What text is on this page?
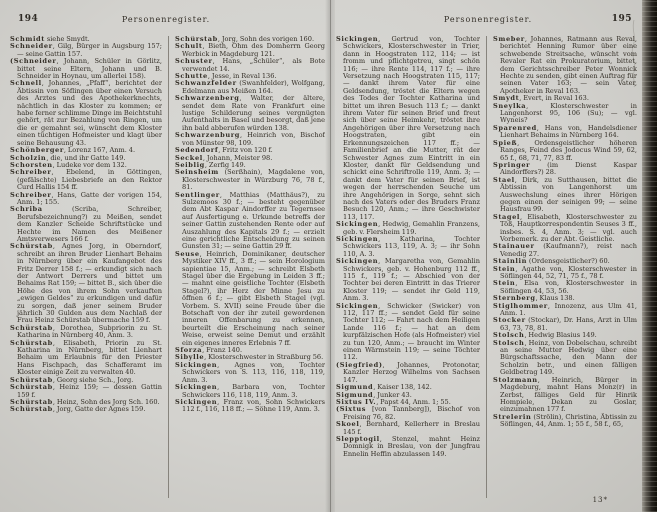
194	Personenregister.
Schmidt siehe Smydt.
Schneider, Gilg, Bürger in Augsburg 157; — seine Gattin 157.
(Schneider, Johann, Schüler in Görlitz, bittet seine Eltern, Johann und B. Schneider in Hoynau, um allerlei 158).
Schnell, Johannes, „Pfaff“, berichtet der Äbtissin von Söflingen über einen Versuch des Arztes und des Apothekerknechts, nächtlich in das Kloster zu kommen; er habe ferner schlimme Dinge im Beichtstuhl gehört, rät zur Bezahlung von Ringen, um die er gemahnt sei, wünscht dem Kloster einen tüchtigen Hofmeister und klagt über seine Behausung 43.
Schönberger, Lorenz 167, Anm. 4.
Scholzin, die, und ihr Gatte 149.
Schorsten, Ludeke vor dem 132.
Schreiber, Ebelend, in Göttingen, (gefälschte) Liebesbriefe an den Rektor Curd Hallis 154 ff.
Schreiber, Hans, Gatte der vorigen 154, Anm. 1; 155.
Schriba (Scriba, Schreiber, Berufsbezeichnung?) zu Meißen, sendet dem Kanzler Scheide Schriftstücke und Hechte im Namen des Meißener Amtsverwesers 166 f.
Schürstab, Agnes Jorg, in Oberndorf, schreibt an ihren Bruder Lienhart Behaim in Nürnberg über ein Kaufangebot des Fritz Derrer 158 f.; — erkundigt sich nach der Antwort Derrers und bittet um Behaims Rat 159; — bittet B., sich über die Höhe des von ihrem Sohn verkauften „ewigen Geldes“ zu erkundigen und dafür zu sorgen, daß jener seinem Bruder jährlich 30 Gulden aus dem Nachlaß der Frau Heinz Schürstab übermache 159 f.
Schürstab, Dorothea, Subpriorin zu St. Katharina in Nürnberg 40, Anm. 3.
Schürstab, Elisabeth, Priorin zu St. Katharina in Nürnberg, bittet Lienhart Behaim um Erlaubnis für den Priester Hans Fischpach, das Schafferamt im Kloster einige Zeit zu verwalten 40.
Schürstab, Georg siehe Sch., Jorg.
Schürstab, Heinz 159; — dessen Gattin 159 f.
Schürstab, Heinz, Sohn des Jorg Sch. 160.
Schürstab, Jorg, Gatte der Agnes 159.
Schürstab, Jorg, Sohn des vorigen 160.
Schult, Bieth, Ohm des Domherrn Georg Werbick in Magdeburg 121.
Schuster, Hans, „Schüler“, als Bote verwendet 14.
Schutte, Jesse, in Reval 136.
Schwanzfelder (Swanhfelder), Wolfgang, Edelmann aus Meißen 164.
Schwarzenberg, Walter, der ältere, sendet dem Rate von Frankfurt eine lustige Schilderung seines vergnügten Aufenthalts in Basel und besorgt, daß jene ihn bald abberufen würden 138.
Schwarzenburg, Heinrich von, Bischof von Münster 98, 109.
Sedendorf, Fritz von 120 f.
Seckel, Johann, Meister 98.
Seiblig, Zerfig 149.
Seinsheim (Serßhain), Magdalene von, Klosterschwester in Würzburg 76, 78 f., 81.
Sentlinger, Matthias (Matthäus?), zu Sulzemoos 30 f.; — besteht gegenüber dem Abt Kaspar Aindorffer zu Tegernsee auf Ausfertigung e. Urkunde betreffs der seiner Gattin zustehenden Rente oder auf Auszahlung des Kapitals 29 f.; — erzielt eine gerichtliche Entscheidung zu seinen Gunsten 31; — seine Gattin 29 ff.
Seuse, Heinrich, Dominikaner, deutscher Mystiker XIV ff., 3 ff.; — sein Horologium sapientiae 15, Anm.; — schreibt Elsbeth Stagel über die Ergebung in Leiden 3 ff.; — mahnt eine geistliche Tochter (Elsbeth Stagel?), ihr Herz der Minne Jesu zu öffnen 6 f.; — gibt Elsbeth Stagel (vgl. Vorbem. S. XVII) seine Freude über die Botschaft von der ihr zuteil gewordenen inneren Offenbarung zu erkennen, beurteilt die Erscheinung nach seiner Weise, erweist seine Demut und erzählt ein eigenes inneres Erlebnis 7 ff.
Sforza, Franz 140.
Sibylle, Klosterschwester in Straßburg 56.
Sickingen, Agnes von, Tochter Schwickers von S. 113, 116, 118, 119, Anm. 3.
Sickingen, Barbara von, Tochter Schwickers 116, 118, 119, Anm. 3.
Sickingen, Franz von, Sohn Schwickers 112 f., 116, 118 ff.; — Söhne 119, Anm. 3.
Personenregister.	195
Sickingen, Gertrud von, Tochter Schwickers, Klosterschwester in Trier, dann in Hoogstraten 112, 114; — ist fromm und pflichtgetreu, singt schön 116; — ihre Rente 114, 117 f.; — ihre Versetzung nach Hoogstraten 115, 117; — dankt ihrem Vater für eine Geldsendung, tröstet die Eltern wegen des Todes der Tochter Katharina und bittet um ihren Besuch 113 f.; — dankt ihrem Vater für seinen Brief und freut sich über seine Heimkehr, tröstet ihre Angehörigen über ihre Versetzung nach Hoogstraten, gibt ein Erkennungszeichen 117 ff.; — Familienbrief an die Mutter, rät der Schwester Agnes zum Eintritt in ein Kloster, dankt für Geldsendung und schickt eine Schriftrolle 119, Anm. 3; — dankt dem Vater für seinen Brief, ist wegen der herrschenden Seuche um ihre Angehörigen in Sorge, sehnt sich nach des Vaters oder des Bruders Franz Besuch 120, Anm.; — ihre Geschwister 113, 117.
Sickingen, Hedwig, Gemahlin Franzens, geb. v. Flersheim 119.
Sickingen, Katharina, Tochter Schwickers 113, 119, A. 3; — ihr Sohn 110, A. 3.
Sickingen, Margaretha von, Gemahlin Schwickers, geb. v. Hohenburg 112 ff., 115 f., 119 f.; — Abschied von der Tochter bei deren Eintritt in das Trierer Kloster 119; — sendet ihr Geld 119, Anm. 3.
Sickingen, Schwicker (Swicker) von 112, 117 ff.; — sendet Geld für seine Tochter 112; — Fahrt nach dem Heiligen Lande 116 f.; — hat an dem kurpfälzischen Hofe (als Hofmeister) viel zu tun 120, Anm.; — braucht im Winter einen Wärmstein 119; — seine Töchter 112.
(Siegfried), Johannes, Protonotar, Kanzler Herzog Wilhelms von Sachsen 147.
Sigmund, Kaiser 138, 142.
Sigmund, Junker 43.
Sixtus IV., Papst 44, Anm. 1; 55.
(Sixtus [von Tannberg]), Bischof von Freising 76, 82.
Skoel, Bernhard, Kellerherr in Breslau 145 f.
Slepptogil, Stenzel, mahnt Heinz Domnigk in Breslau, von der Jungfrau Ennelin Heffin abzulassen 149.
Smeber, Johannes, Ratmann aus Reval, berichtet Henning Rumor über eine schwebende Streitsache, wünscht vom Revaler Rat ein Prokuratorium, bittet, dem Gerichtsschreiber Peter Wonnick Hechte zu senden, gibt einen Auftrag für seinen Vater 163; — sein Vater, Apotheker in Reval 163.
Smydt, Evert, in Reval 163.
Sneylka, Klosterschwester in Langenhorst 95, 106 (Su); — vgl. Wyneis?
Sparenred, Hans von, Handelsdiener Lienhart Behaims in Nürnberg 164.
Spieß, Ordensgeistlicher höheren Ranges, Feind des Jodocus Wind 59, 62, 65 f., 68, 71, 77, 83 ff.
Springer (im Dienst Kaspar Aindorffers?) 28.
Stael, Dirk, zu Sutthausen, bittet die Äbtissin von Langenhorst um Auswechslung eines ihrer Hörigen gegen einen der seinigen 99; — seine Hausfrau 99.
Stagel, Elisabeth, Klosterschwester zu Töß, Hauptkorrespondentin Seuses 3 ff., insbes. S. 4, Anm. 3; — vgl. auch Vorbemerk. zu der Abt. Geistliche.
Stainauer (Kaufmann?), reist nach Venedig 27.
Stainlin (Ordensgeistlicher?) 60.
Stein, Agathe von, Klosterschwester in Söflingen 44, 52, 71, 75 f., 78 f.
Stein, Elsa von, Klosterschwester in Söflingen 44, 53, 56.
Sternberg, Klaus 138.
Stiglhommer, Innozenz, aus Ulm 41, Anm. 1.
Stocker (Stockar), Dr. Hans, Arzt in Ulm 63, 73, 78, 81.
Stolsch, Hedwig Blasius 149.
Stolsch, Heinz, von Dobelschau, schreibt an seine Mutter Hedwig über eine Bürgschaftssache, den Mann der Scholzin betr., und einen fälligen Geldbetrag 149.
Stolzmann, Heinrich, Bürger in Magdeburg, mahnt Hans Monz(r) in Zerbst, fälliges Geld für Hinrik Hompiele, Dekan zu Goslar, einzumahnen 177 f.
Strelerin (Strölin), Christina, Äbtissin zu Söflingen, 44, Anm. 1; 55 f., 58 f., 65,
13*
